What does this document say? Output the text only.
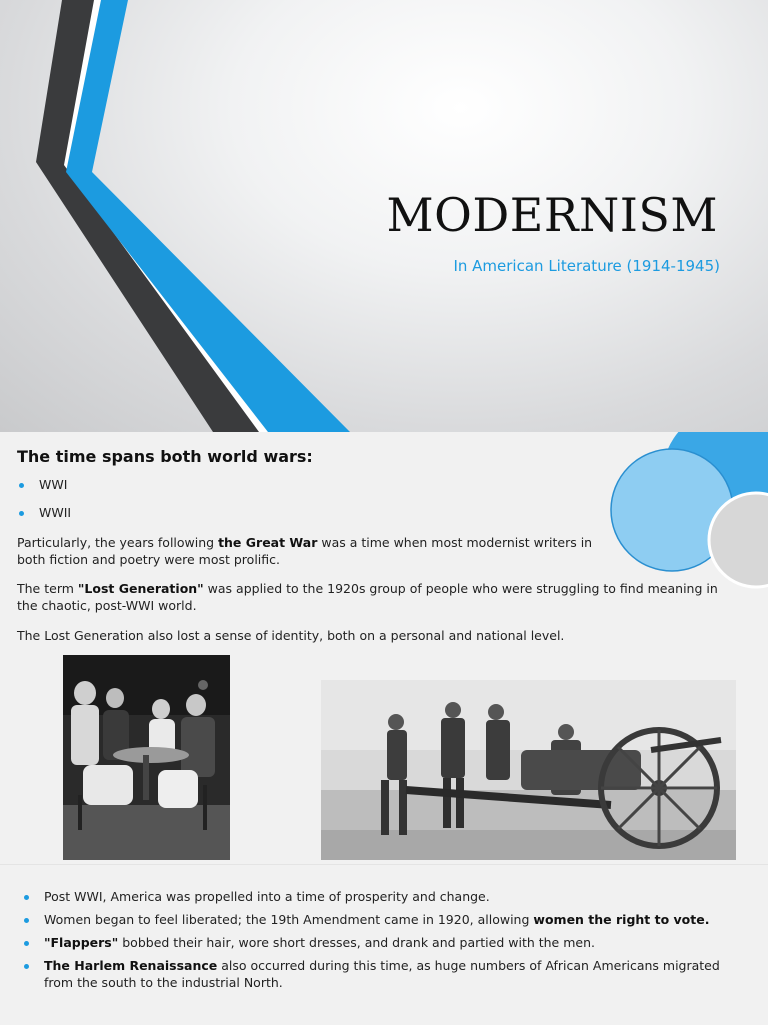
MODERNISM

In American Literature (1914-1945)

The time spans both world wars:
WWI
WWII

Particularly, the years following the Great War was a time when most modernist writers in both fiction and poetry were most prolific.

The term "Lost Generation" was applied to the 1920s group of people who were struggling to find meaning in the chaotic, post-WWI world.

The Lost Generation also lost a sense of identity, both on a personal and national level.

Post WWI, America was propelled into a time of prosperity and change.
Women began to feel liberated; the 19th Amendment came in 1920, allowing women the right to vote.
"Flappers" bobbed their hair, wore short dresses, and drank and partied with the men.
The Harlem Renaissance also occurred during this time, as huge numbers of African Americans migrated from the south to the industrial North.
